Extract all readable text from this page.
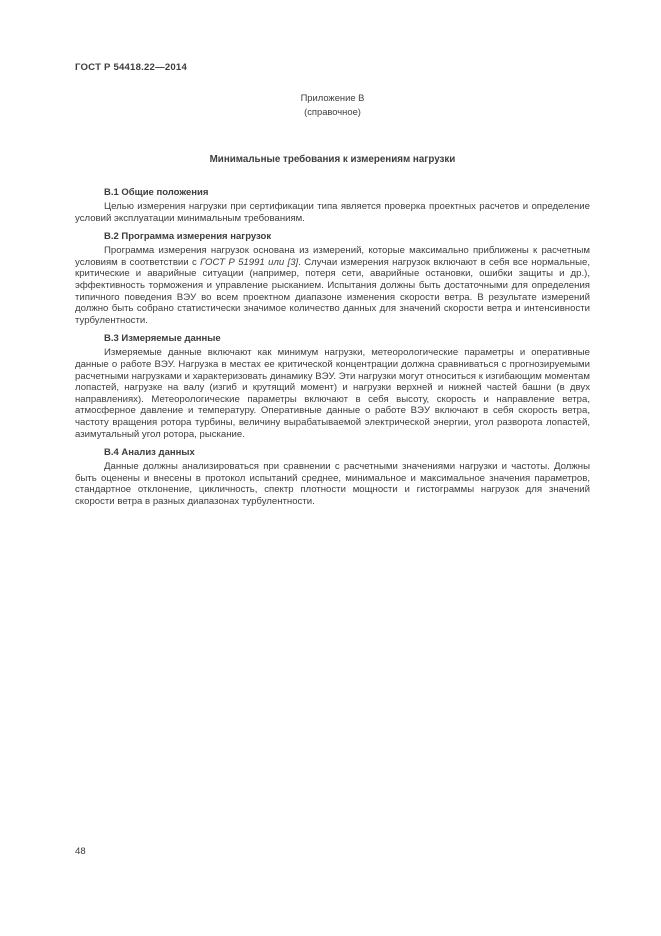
ГОСТ Р 54418.22—2014
Приложение В
(справочное)
Минимальные требования к измерениям нагрузки
В.1 Общие положения

Целью измерения нагрузки при сертификации типа является проверка проектных расчетов и определение условий эксплуатации минимальным требованиям.

В.2 Программа измерения нагрузок

Программа измерения нагрузок основана из измерений, которые максимально приближены к расчетным условиям в соответствии с ГОСТ Р 51991 или [3]. Случаи измерения нагрузок включают в себя все нормальные, критические и аварийные ситуации (например, потеря сети, аварийные остановки, ошибки защиты и др.), эффективность торможения и управление рысканием. Испытания должны быть достаточными для определения типичного поведения ВЭУ во всем проектном диапазоне изменения скорости ветра. В результате измерений должно быть собрано статистически значимое количество данных для значений скорости ветра и интенсивности турбулентности.

В.3 Измеряемые данные

Измеряемые данные включают как минимум нагрузки, метеорологические параметры и оперативные данные о работе ВЭУ. Нагрузка в местах ее критической концентрации должна сравниваться с прогнозируемыми расчетными нагрузками и характеризовать динамику ВЭУ. Эти нагрузки могут относиться к изгибающим моментам лопастей, нагрузке на валу (изгиб и крутящий момент) и нагрузки верхней и нижней частей башни (в двух направлениях). Метеорологические параметры включают в себя высоту, скорость и направление ветра, атмосферное давление и температуру. Оперативные данные о работе ВЭУ включают в себя скорость ветра, частоту вращения ротора турбины, величину вырабатываемой электрической энергии, угол разворота лопастей, азимутальный угол ротора, рыскание.

В.4 Анализ данных

Данные должны анализироваться при сравнении с расчетными значениями нагрузки и частоты. Должны быть оценены и внесены в протокол испытаний среднее, минимальное и максимальное значения параметров, стандартное отклонение, цикличность, спектр плотности мощности и гистограммы нагрузок для значений скорости ветра в разных диапазонах турбулентности.

48
